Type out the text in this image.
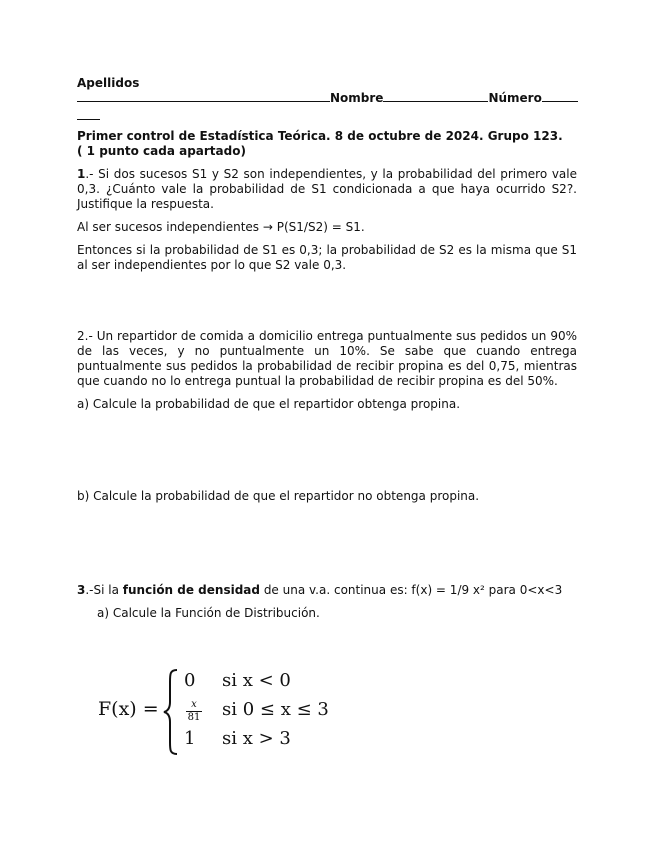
Apellidos
Nombre	Número
Primer control de Estadística Teórica. 8 de octubre de 2024. Grupo 123.
( 1 punto cada apartado)
1.- Si dos sucesos S1 y S2 son independientes, y la probabilidad del primero vale 0,3. ¿Cuánto vale la probabilidad de S1 condicionada a que haya ocurrido S2?. Justifique la respuesta.
Al ser sucesos independientes → P(S1/S2) = S1.
Entonces si la probabilidad de S1 es 0,3; la probabilidad de S2 es la misma que S1 al ser independientes por lo que S2 vale 0,3.
2.- Un repartidor de comida a domicilio entrega puntualmente sus pedidos un 90% de las veces, y no puntualmente un 10%. Se sabe que cuando entrega puntualmente sus pedidos la probabilidad de recibir propina es del 0,75, mientras que cuando no lo entrega puntual la probabilidad de recibir propina es del 50%.
a) Calcule la probabilidad de que el repartidor obtenga propina.
b) Calcule la probabilidad de que el repartidor no obtenga propina.
3.-Si la función de densidad de una v.a. continua es: f(x) = 1/9 x² para 0<x<3
a) Calcule la Función de Distribución.
F(x) =
0 si x < 0
$\frac{x}{81}$ si 0 ≤ x ≤ 3
1 si x > 3
